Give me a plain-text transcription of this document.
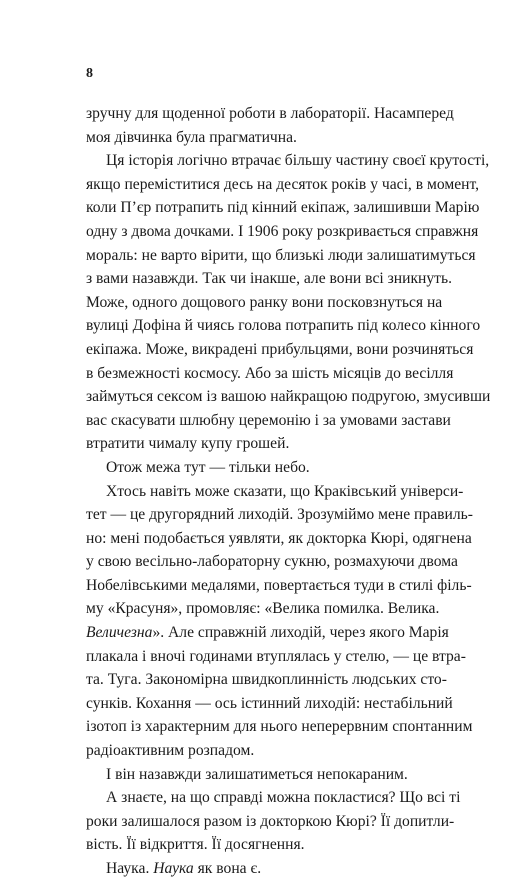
8

зручну для щоденної роботи в лабораторії. Насамперед
моя дівчинка була прагматична.

Ця історія логічно втрачає більшу частину своєї крутості,
якщо переміститися десь на десяток років у часі, в момент,
коли П’єр потрапить під кінний екіпаж, залишивши Марію
одну з двома дочками. І 1906 року розкривається справжня
мораль: не варто вірити, що близькі люди залишатимуться
з вами назавжди. Так чи інакше, але вони всі зникнуть.
Може, одного дощового ранку вони посковзнуться на
вулиці Дофіна й чиясь голова потрапить під колесо кінного
екіпажа. Може, викрадені прибульцями, вони розчиняться
в безмежності космосу. Або за шість місяців до весілля
займуться сексом із вашою найкращою подругою, змусивши
вас скасувати шлюбну церемонію і за умовами застави
втратити чималу купу грошей.

Отож межа тут — тільки небо.

Хтось навіть може сказати, що Краківський універси-
тет — це другорядний лиходій. Зрозуміймо мене правиль-
но: мені подобається уявляти, як докторка Кюрі, одягнена
у свою весільно-лабораторну сукню, розмахуючи двома
Нобелівськими медалями, повертається туди в стилі філь-
му «Красуня», промовляє: «Велика помилка. Велика.
Величезна». Але справжній лиходій, через якого Марія
плакала і вночі годинами втуплялась у стелю, — це втра-
та. Туга. Закономірна швидкоплинність людських сто-
сунків. Кохання — ось істинний лиходій: нестабільний
ізотоп із характерним для нього неперервним спонтанним
радіоактивним розпадом.

І він назавжди залишатиметься непокараним.

А знаєте, на що справді можна покластися? Що всі ті
роки залишалося разом із докторкою Кюрі? Її допитли-
вість. Її відкриття. Її досягнення.

Наука. Наука як вона є.
